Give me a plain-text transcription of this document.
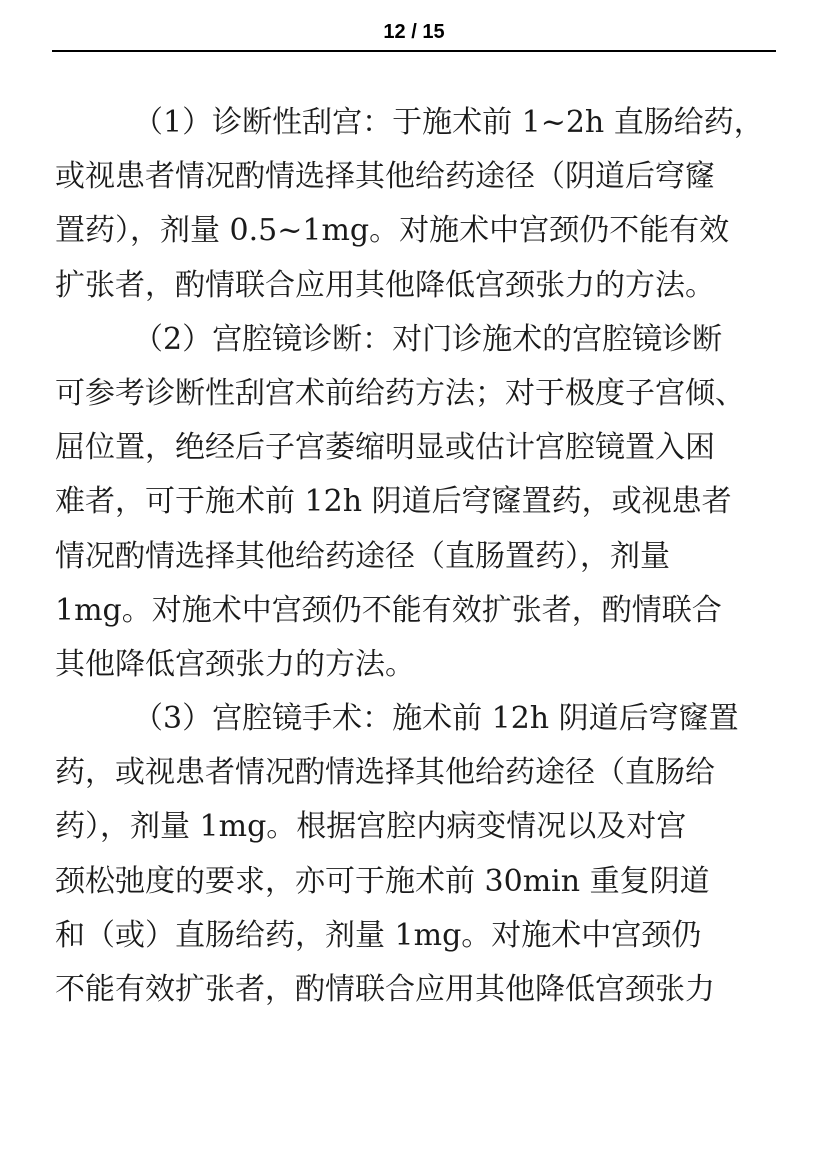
12 / 15
（1）诊断性刮宫：于施术前 1~2h 直肠给药，
或视患者情况酌情选择其他给药途径（阴道后穹窿
置药），剂量 0.5~1mg。对施术中宫颈仍不能有效
扩张者，酌情联合应用其他降低宫颈张力的方法。
（2）宫腔镜诊断：对门诊施术的宫腔镜诊断
可参考诊断性刮宫术前给药方法；对于极度子宫倾、
屈位置，绝经后子宫萎缩明显或估计宫腔镜置入困
难者，可于施术前 12h 阴道后穹窿置药，或视患者
情况酌情选择其他给药途径（直肠置药），剂量
1mg。对施术中宫颈仍不能有效扩张者，酌情联合
其他降低宫颈张力的方法。
（3）宫腔镜手术：施术前 12h 阴道后穹窿置
药，或视患者情况酌情选择其他给药途径（直肠给
药），剂量 1mg。根据宫腔内病变情况以及对宫
颈松弛度的要求，亦可于施术前 30min 重复阴道
和（或）直肠给药，剂量 1mg。对施术中宫颈仍
不能有效扩张者，酌情联合应用其他降低宫颈张力
